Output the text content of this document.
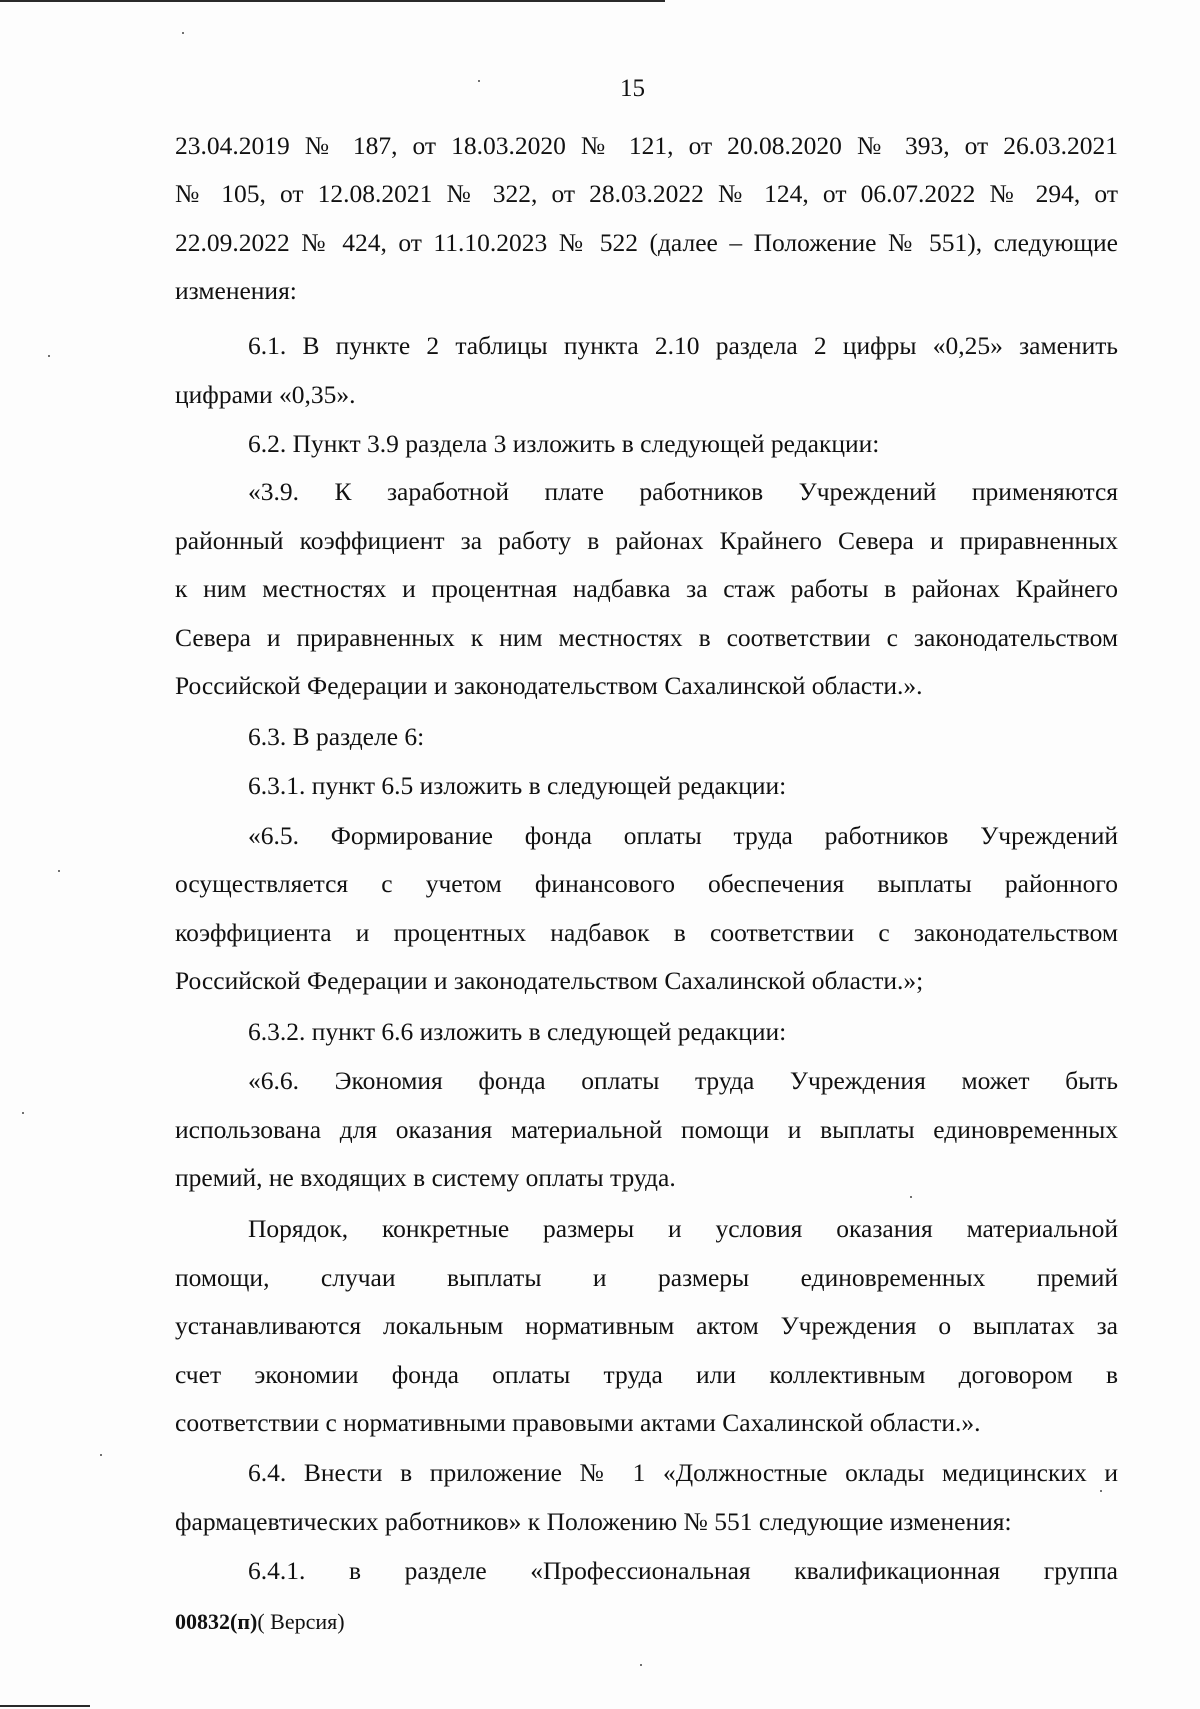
15
23.04.2019 № 187, от 18.03.2020 № 121, от 20.08.2020 № 393, от 26.03.2021
№ 105, от 12.08.2021 № 322, от 28.03.2022 № 124, от 06.07.2022 № 294, от
22.09.2022 № 424, от 11.10.2023 № 522 (далее – Положение № 551), следующие
изменения:
6.1. В пункте 2 таблицы пункта 2.10 раздела 2 цифры «0,25» заменить
цифрами «0,35».
6.2. Пункт 3.9 раздела 3 изложить в следующей редакции:
«3.9. К заработной плате работников Учреждений применяются
районный коэффициент за работу в районах Крайнего Севера и приравненных
к ним местностях и процентная надбавка за стаж работы в районах Крайнего
Севера и приравненных к ним местностях в соответствии с законодательством
Российской Федерации и законодательством Сахалинской области.».
6.3. В разделе 6:
6.3.1. пункт 6.5 изложить в следующей редакции:
«6.5. Формирование фонда оплаты труда работников Учреждений
осуществляется с учетом финансового обеспечения выплаты районного
коэффициента и процентных надбавок в соответствии с законодательством
Российской Федерации и законодательством Сахалинской области.»;
6.3.2. пункт 6.6 изложить в следующей редакции:
«6.6. Экономия фонда оплаты труда Учреждения может быть
использована для оказания материальной помощи и выплаты единовременных
премий, не входящих в систему оплаты труда.
Порядок, конкретные размеры и условия оказания материальной
помощи, случаи выплаты и размеры единовременных премий
устанавливаются локальным нормативным актом Учреждения о выплатах за
счет экономии фонда оплаты труда или коллективным договором в
соответствии с нормативными правовыми актами Сахалинской области.».
6.4. Внести в приложение № 1 «Должностные оклады медицинских и
фармацевтических работников» к Положению № 551 следующие изменения:
6.4.1. в разделе «Профессиональная квалификационная группа
00832(п)( Версия)
